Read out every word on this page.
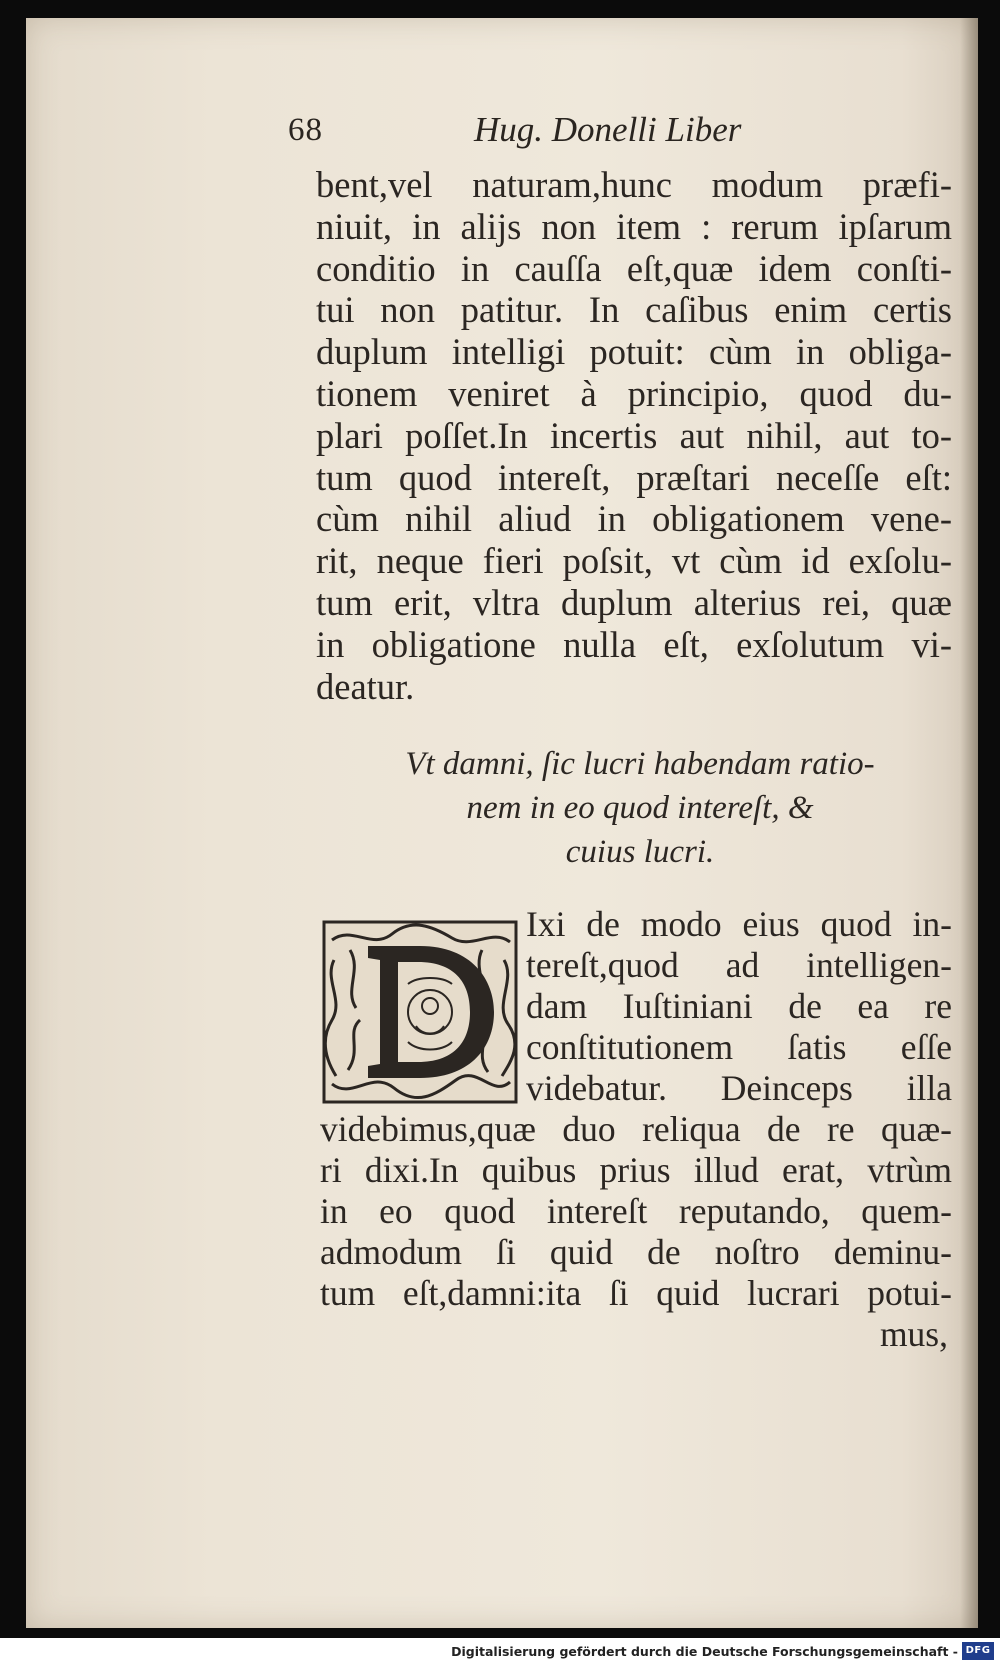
68	Hug. Donelli Liber
bent,vel naturam,hunc modum præfi-
niuit, in alijs non item : rerum ipſarum
conditio in cauſſa eſt,quæ idem conſti-
tui non patitur. In caſibus enim certis
duplum intelligi potuit: cùm in obliga-
tionem veniret à principio, quod du-
plari poſſet.In incertis aut nihil, aut to-
tum quod intereſt, præſtari neceſſe eſt:
cùm nihil aliud in obligationem vene-
rit, neque fieri poſsit, vt cùm id exſolu-
tum erit, vltra duplum alterius rei, quæ
in obligatione nulla eſt, exſolutum vi-
deatur.
Vt damni, ſic lucri habendam ratio-
nem in eo quod intereſt, &
cuius lucri.
Ixi de modo eius quod in-
tereſt,quod ad intelligen-
dam Iuſtiniani de ea re
conſtitutionem ſatis eſſe
videbatur. Deinceps illa
videbimus,quæ duo reliqua de re quæ-
ri dixi.In quibus prius illud erat, vtrùm
in eo quod intereſt reputando, quem-
admodum ſi quid de noſtro deminu-
tum eſt,damni:ita ſi quid lucrari potui-
mus,
Digitalisierung gefördert durch die Deutsche Forschungsgemeinschaft - DFG
